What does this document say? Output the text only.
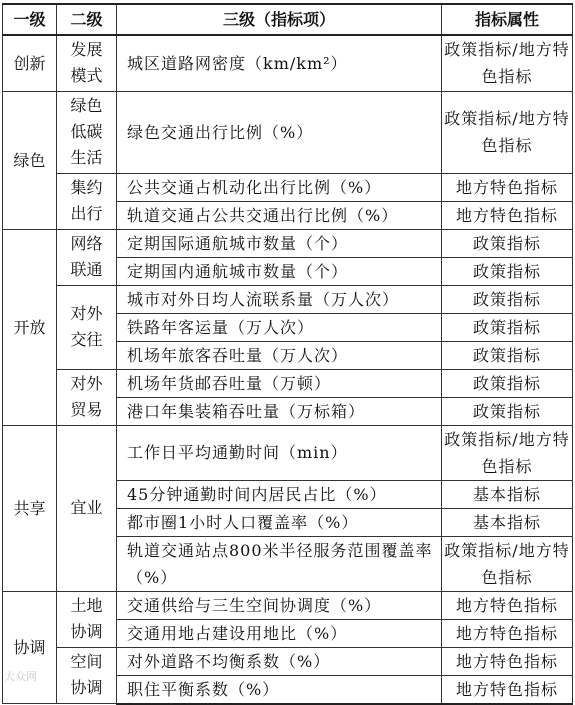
一级	二级	三级（指标项）	指标属性
创新	发展模式	城区道路网密度（km/km²）	政策指标/地方特色指标
绿色	绿色低碳生活	绿色交通出行比例（%）	政策指标/地方特色指标
	集约出行	公共交通占机动化出行比例（%）	地方特色指标
		轨道交通占公共交通出行比例（%）	地方特色指标
开放	网络联通	定期国际通航城市数量（个）	政策指标
		定期国内通航城市数量（个）	政策指标
	对外交往	城市对外日均人流联系量（万人次）	政策指标
		铁路年客运量（万人次）	政策指标
		机场年旅客吞吐量（万人次）	政策指标
	对外贸易	机场年货邮吞吐量（万顿）	政策指标
		港口年集装箱吞吐量（万标箱）	政策指标
共享	宜业	工作日平均通勤时间（min）	政策指标/地方特色指标
		45分钟通勤时间内居民占比（%）	基本指标
		都市圈1小时人口覆盖率（%）	基本指标
		轨道交通站点800米半径服务范围覆盖率（%）	政策指标/地方特色指标
协调	土地协调	交通供给与三生空间协调度（%）	地方特色指标
		交通用地占建设用地比（%）	地方特色指标
	空间协调	对外道路不均衡系数（%）	地方特色指标
		职住平衡系数（%）	地方特色指标
大众网
